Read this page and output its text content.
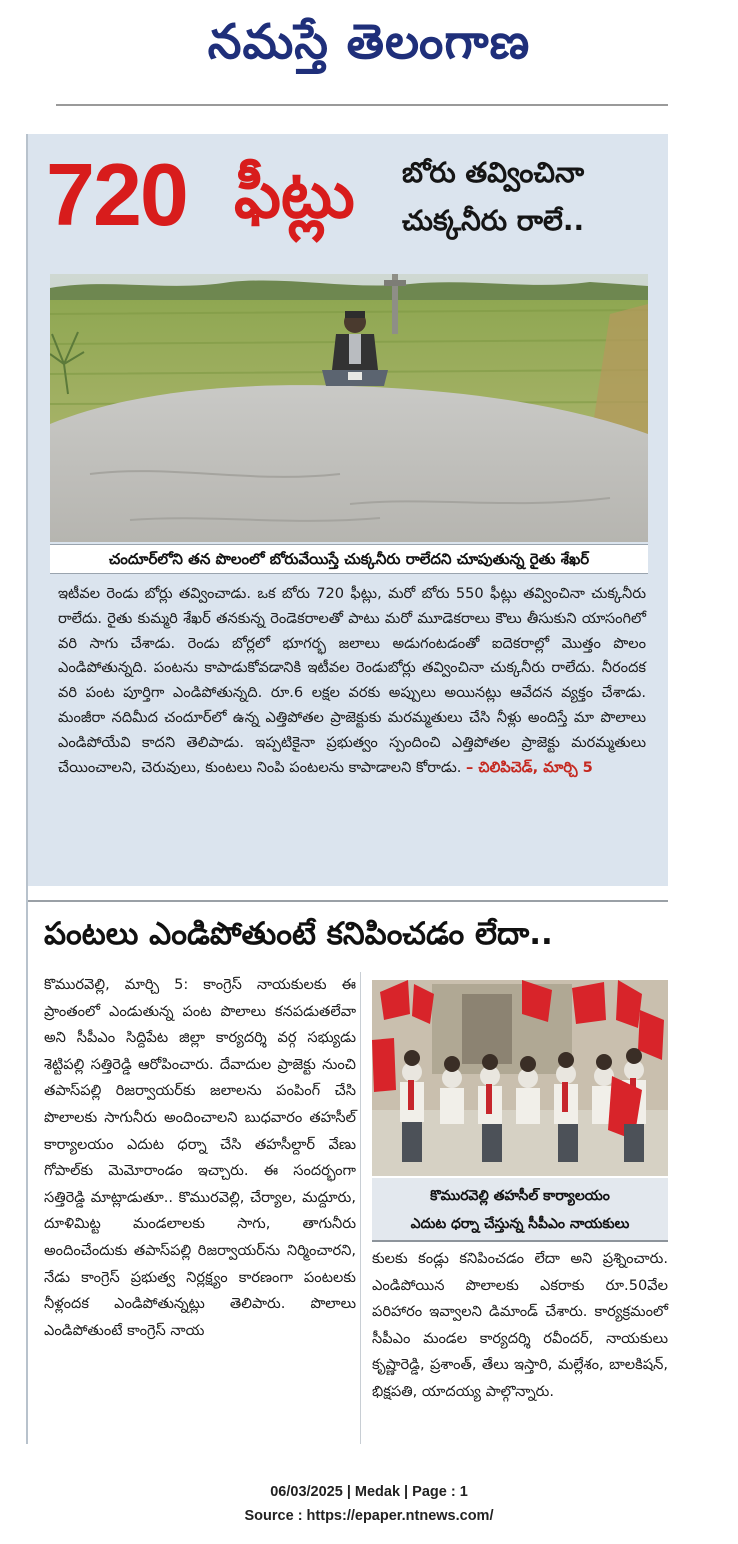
నమస్తే తెలంగాణ
720 ఫీట్లు బోరు తవ్వించినా
చుక్కనీరు రాలే..
చందూర్‌లోని తన పొలంలో బోరువేయిస్తే చుక్కనీరు రాలేదని చూపుతున్న రైతు శేఖర్

ఇటీవల రెండు బోర్లు తవ్వించాడు. ఒక బోరు 720 ఫీట్లు, మరో బోరు 550 ఫీట్లు తవ్వించినా చుక్కనీరు రాలేదు. రైతు కుమ్మరి శేఖర్ తనకున్న రెండెకరాలతో పాటు మరో మూడెకరాలు కౌలు తీసుకుని యాసంగిలో వరి సాగు చేశాడు. రెండు బోర్లలో భూగర్భ జలాలు అడుగంటడంతో ఐదెకరాల్లో మొత్తం పొలం ఎండిపోతున్నది. పంటను కాపాడుకోవడానికి ఇటీవల రెండుబోర్లు తవ్వించినా చుక్కనీరు రాలేదు. నీరందక వరి పంట పూర్తిగా ఎండిపోతున్నది. రూ.6 లక్షల వరకు అప్పులు అయినట్లు ఆవేదన వ్యక్తం చేశాడు. మంజీరా నదిమీద చందూర్‌లో ఉన్న ఎత్తిపోతల ప్రాజెక్టుకు మరమ్మతులు చేసి నీళ్లు అందిస్తే మా పొలాలు ఎండిపోయేవి కాదని తెలిపాడు. ఇప్పటికైనా ప్రభుత్వం స్పందించి ఎత్తిపోతల ప్రాజెక్టు మరమ్మతులు చేయించాలని, చెరువులు, కుంటలు నింపి పంటలను కాపాడాలని కోరాడు. – చిలిపిచెడ్, మార్చి 5

పంటలు ఎండిపోతుంటే కనిపించడం లేదా..

కొమురవెల్లి, మార్చి 5: కాంగ్రెస్ నాయకులకు ఈ ప్రాంతంలో ఎండుతున్న పంట పొలాలు కనపడుతలేవా అని సీపీఎం సిద్దిపేట జిల్లా కార్యదర్శి వర్గ సభ్యుడు శెట్టిపల్లి సత్తిరెడ్డి ఆరోపించారు. దేవాదుల ప్రాజెక్టు నుంచి తపాస్‌పల్లి రిజర్వాయర్‌కు జలాలను పంపింగ్ చేసి పొలాలకు సాగునీరు అందించాలని బుధవారం తహసీల్ కార్యాలయం ఎదుట ధర్నా చేసి తహసీల్దార్ వేణు గోపాల్‌కు మెమోరాండం ఇచ్చారు. ఈ సందర్భంగా సత్తిరెడ్డి మాట్లాడుతూ.. కొమురవెల్లి, చేర్యాల, మద్దూరు, దూళిమిట్ట మండలాలకు సాగు, తాగునీరు అందించేందుకు తపాస్‌పల్లి రిజర్వాయర్‌ను నిర్మించారని, నేడు కాంగ్రెస్ ప్రభుత్వ నిర్లక్ష్యం కారణంగా పంటలకు నీళ్లందక ఎండిపోతున్నట్లు తెలిపారు. పొలాలు ఎండిపోతుంటే కాంగ్రెస్ నాయ

కొమురవెల్లి తహసీల్ కార్యాలయం
ఎదుట ధర్నా చేస్తున్న సీపీఎం నాయకులు

కులకు కండ్లు కనిపించడం లేదా అని ప్రశ్నించారు. ఎండిపోయిన పొలాలకు ఎకరాకు రూ.50వేల పరిహారం ఇవ్వాలని డిమాండ్ చేశారు. కార్యక్రమంలో సీపీఎం మండల కార్యదర్శి రవీందర్, నాయకులు కృష్ణారెడ్డి, ప్రశాంత్, తేలు ఇస్తారి, మల్లేశం, బాలకిషన్, భిక్షపతి, యాదయ్య పాల్గొన్నారు.

06/03/2025 | Medak | Page : 1
Source : https://epaper.ntnews.com/
